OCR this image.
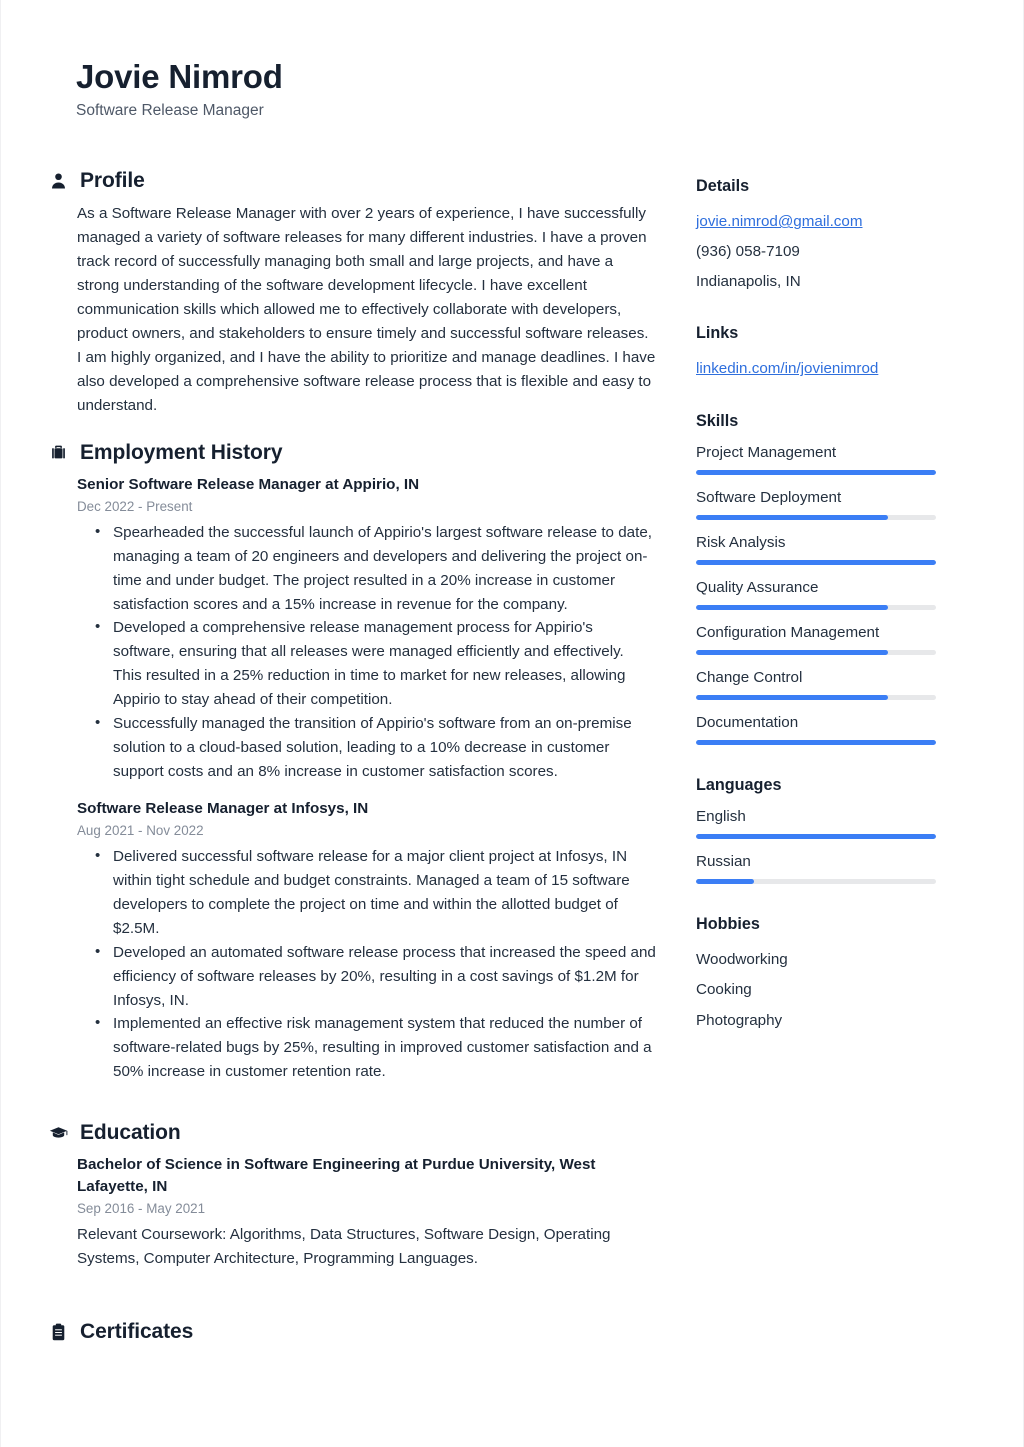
Jovie Nimrod
Software Release Manager
Profile

As a Software Release Manager with over 2 years of experience, I have successfully managed a variety of software releases for many different industries. I have a proven track record of successfully managing both small and large projects, and have a strong understanding of the software development lifecycle. I have excellent communication skills which allowed me to effectively collaborate with developers, product owners, and stakeholders to ensure timely and successful software releases. I am highly organized, and I have the ability to prioritize and manage deadlines. I have also developed a comprehensive software release process that is flexible and easy to understand.

Employment History
Senior Software Release Manager at Appirio, IN
Dec 2022 - Present
• Spearheaded the successful launch of Appirio's largest software release to date, managing a team of 20 engineers and developers and delivering the project on-time and under budget. The project resulted in a 20% increase in customer satisfaction scores and a 15% increase in revenue for the company.
• Developed a comprehensive release management process for Appirio's software, ensuring that all releases were managed efficiently and effectively. This resulted in a 25% reduction in time to market for new releases, allowing Appirio to stay ahead of their competition.
• Successfully managed the transition of Appirio's software from an on-premise solution to a cloud-based solution, leading to a 10% decrease in customer support costs and an 8% increase in customer satisfaction scores.
Software Release Manager at Infosys, IN
Aug 2021 - Nov 2022
• Delivered successful software release for a major client project at Infosys, IN within tight schedule and budget constraints. Managed a team of 15 software developers to complete the project on time and within the allotted budget of $2.5M.
• Developed an automated software release process that increased the speed and efficiency of software releases by 20%, resulting in a cost savings of $1.2M for Infosys, IN.
• Implemented an effective risk management system that reduced the number of software-related bugs by 25%, resulting in improved customer satisfaction and a 50% increase in customer retention rate.
Education
Bachelor of Science in Software Engineering at Purdue University, West Lafayette, IN
Sep 2016 - May 2021
Relevant Coursework: Algorithms, Data Structures, Software Design, Operating Systems, Computer Architecture, Programming Languages.
Details
jovie.nimrod@gmail.com
(936) 058-7109
Indianapolis, IN
Links
linkedin.com/in/jovienimrod
Skills
Project Management
Software Deployment
Risk Analysis
Quality Assurance
Configuration Management
Change Control
Documentation
Languages
English
Russian
Hobbies
Woodworking
Cooking
Photography
Certificates
